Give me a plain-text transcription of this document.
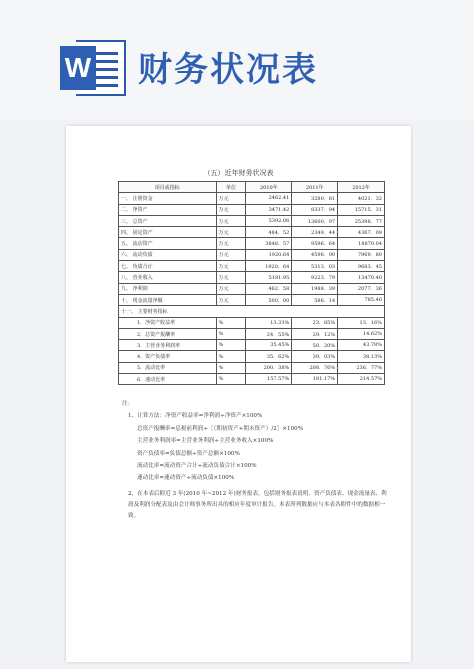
W 财务状况表
（五）近年财务状况表
项目或指标	单位	2010年	2011年	2012年
一、 注册资金	万元	2462.41	3280．81	4021．32
二、 净资产	万元	3471.42	8337．94	15715．31
三、 总资产	万元	5392.06	13600．97	25398．77
四、 固定资产	万元	484．52	2349．44	4367．09
五、 流动资产	万元	3848．57	9596．64	18870.04
六、 流动负债	万元	1920.64	4596．90	7969．80
七、 负债合计	万元	1920．64	5313．03	9683．45
八、 营业收入	万元	5181.95	9223．79	13470.40
九、 净利润	万元	462．58	1988．39	2077．36
十、 现金流量净额	万元	500．00	586．14	785.46
十一、 主要财务指标				
1．净资产收益率	%	13.33%	23．85%	13．16%
2．总资产报酬率	%	24．55%	29．12%	14.62%
3．主营业务利润率	%	35.45%	50．20%	43.78%
4．资产负债率	%	35．62%	39．03%	38.13%
5．流动比率	%	200．38%	208．76%	236．77%
6．速动比率	%	157.57%	181.17%	214.57%
注：
1、计算方法：净资产收益率=净利润÷净资产×100%
总资产报酬率=息税前利润÷［（期初资产+期末资产）/2］×100%
主营业务利润率=主营业务利润÷主营业务收入×100%
资产负债率=负债总额÷资产总额×100%
流动比率=流动资产合计÷流动负债合计×100%
速动比率=速动资产÷流动负债×100%
2、在本表后附近 3 年(2010 年~2012 年)财务报表，包括财务报表说明、资产负债表、现金流量表、利润及利润分配表及由会计师事务所出具的相应年度审计报告。本表所列数据应与本表各附件中的数据相一致。
